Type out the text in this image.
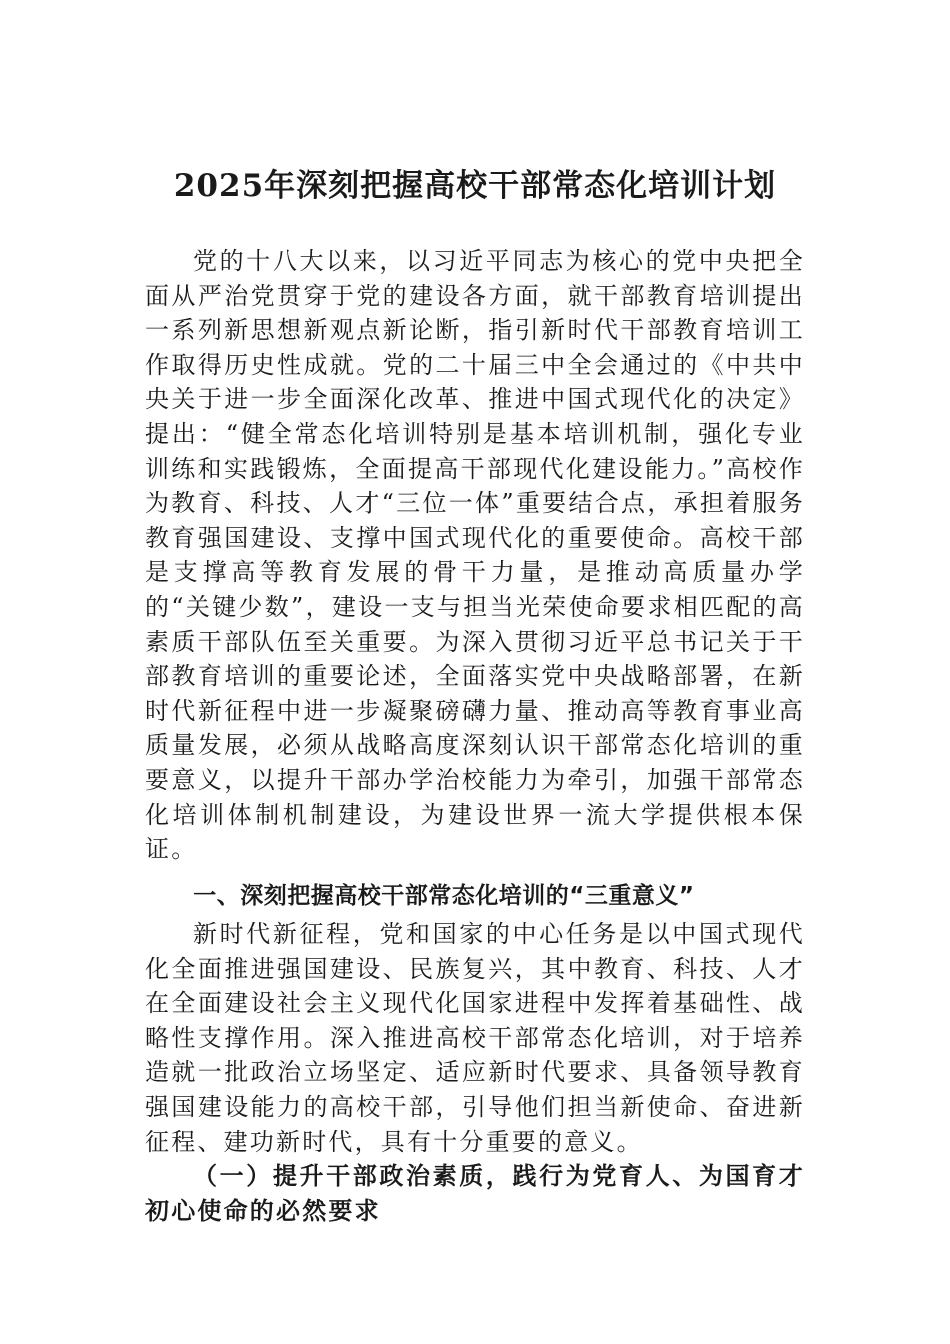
2025年深刻把握高校干部常态化培训计划

党的十八大以来，以习近平同志为核心的党中央把全面从严治党贯穿于党的建设各方面，就干部教育培训提出一系列新思想新观点新论断，指引新时代干部教育培训工作取得历史性成就。党的二十届三中全会通过的《中共中央关于进一步全面深化改革、推进中国式现代化的决定》提出：“健全常态化培训特别是基本培训机制，强化专业训练和实践锻炼，全面提高干部现代化建设能力。”高校作为教育、科技、人才“三位一体”重要结合点，承担着服务教育强国建设、支撑中国式现代化的重要使命。高校干部是支撑高等教育发展的骨干力量，是推动高质量办学的“关键少数”，建设一支与担当光荣使命要求相匹配的高素质干部队伍至关重要。为深入贯彻习近平总书记关于干部教育培训的重要论述，全面落实党中央战略部署，在新时代新征程中进一步凝聚磅礴力量、推动高等教育事业高质量发展，必须从战略高度深刻认识干部常态化培训的重要意义，以提升干部办学治校能力为牵引，加强干部常态化培训体制机制建设，为建设世界一流大学提供根本保证。

一、深刻把握高校干部常态化培训的“三重意义”

新时代新征程，党和国家的中心任务是以中国式现代化全面推进强国建设、民族复兴，其中教育、科技、人才在全面建设社会主义现代化国家进程中发挥着基础性、战略性支撑作用。深入推进高校干部常态化培训，对于培养造就一批政治立场坚定、适应新时代要求、具备领导教育强国建设能力的高校干部，引导他们担当新使命、奋进新征程、建功新时代，具有十分重要的意义。

（一）提升干部政治素质，践行为党育人、为国育才初心使命的必然要求
